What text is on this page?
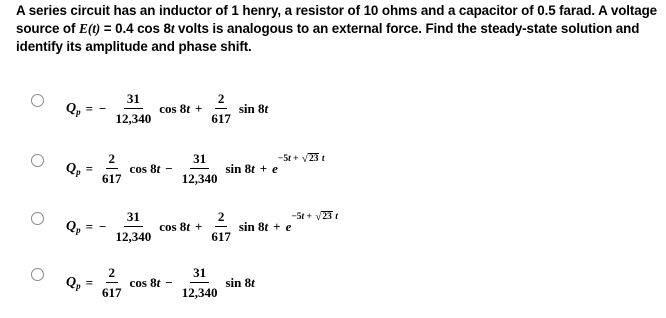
A series circuit has an inductor of 1 henry, a resistor of 10 ohms and a capacitor of 0.5 farad. A voltage source of E(t) = 0.4 cos 8t volts is analogous to an external force. Find the steady-state solution and identify its amplitude and phase shift.
$Q_p$ = − $\frac{31}{12,340}$ $\cos 8t + \frac{2}{617}$ sin 8t
$Q_p = \frac{2}{617}$ $\cos 8t - \frac{31}{12,340}$ sin 8t + e
−5 t
+
√ 23
t
$Q_p$ = − $\frac{31}{12,340}$ $\cos 8t + \frac{2}{617}$ sin 8t + e
−5 t
+
√ 23
t
$Q_p = \frac{2}{617}$ $\cos 8t - \frac{31}{12,340}$ sin 8t
